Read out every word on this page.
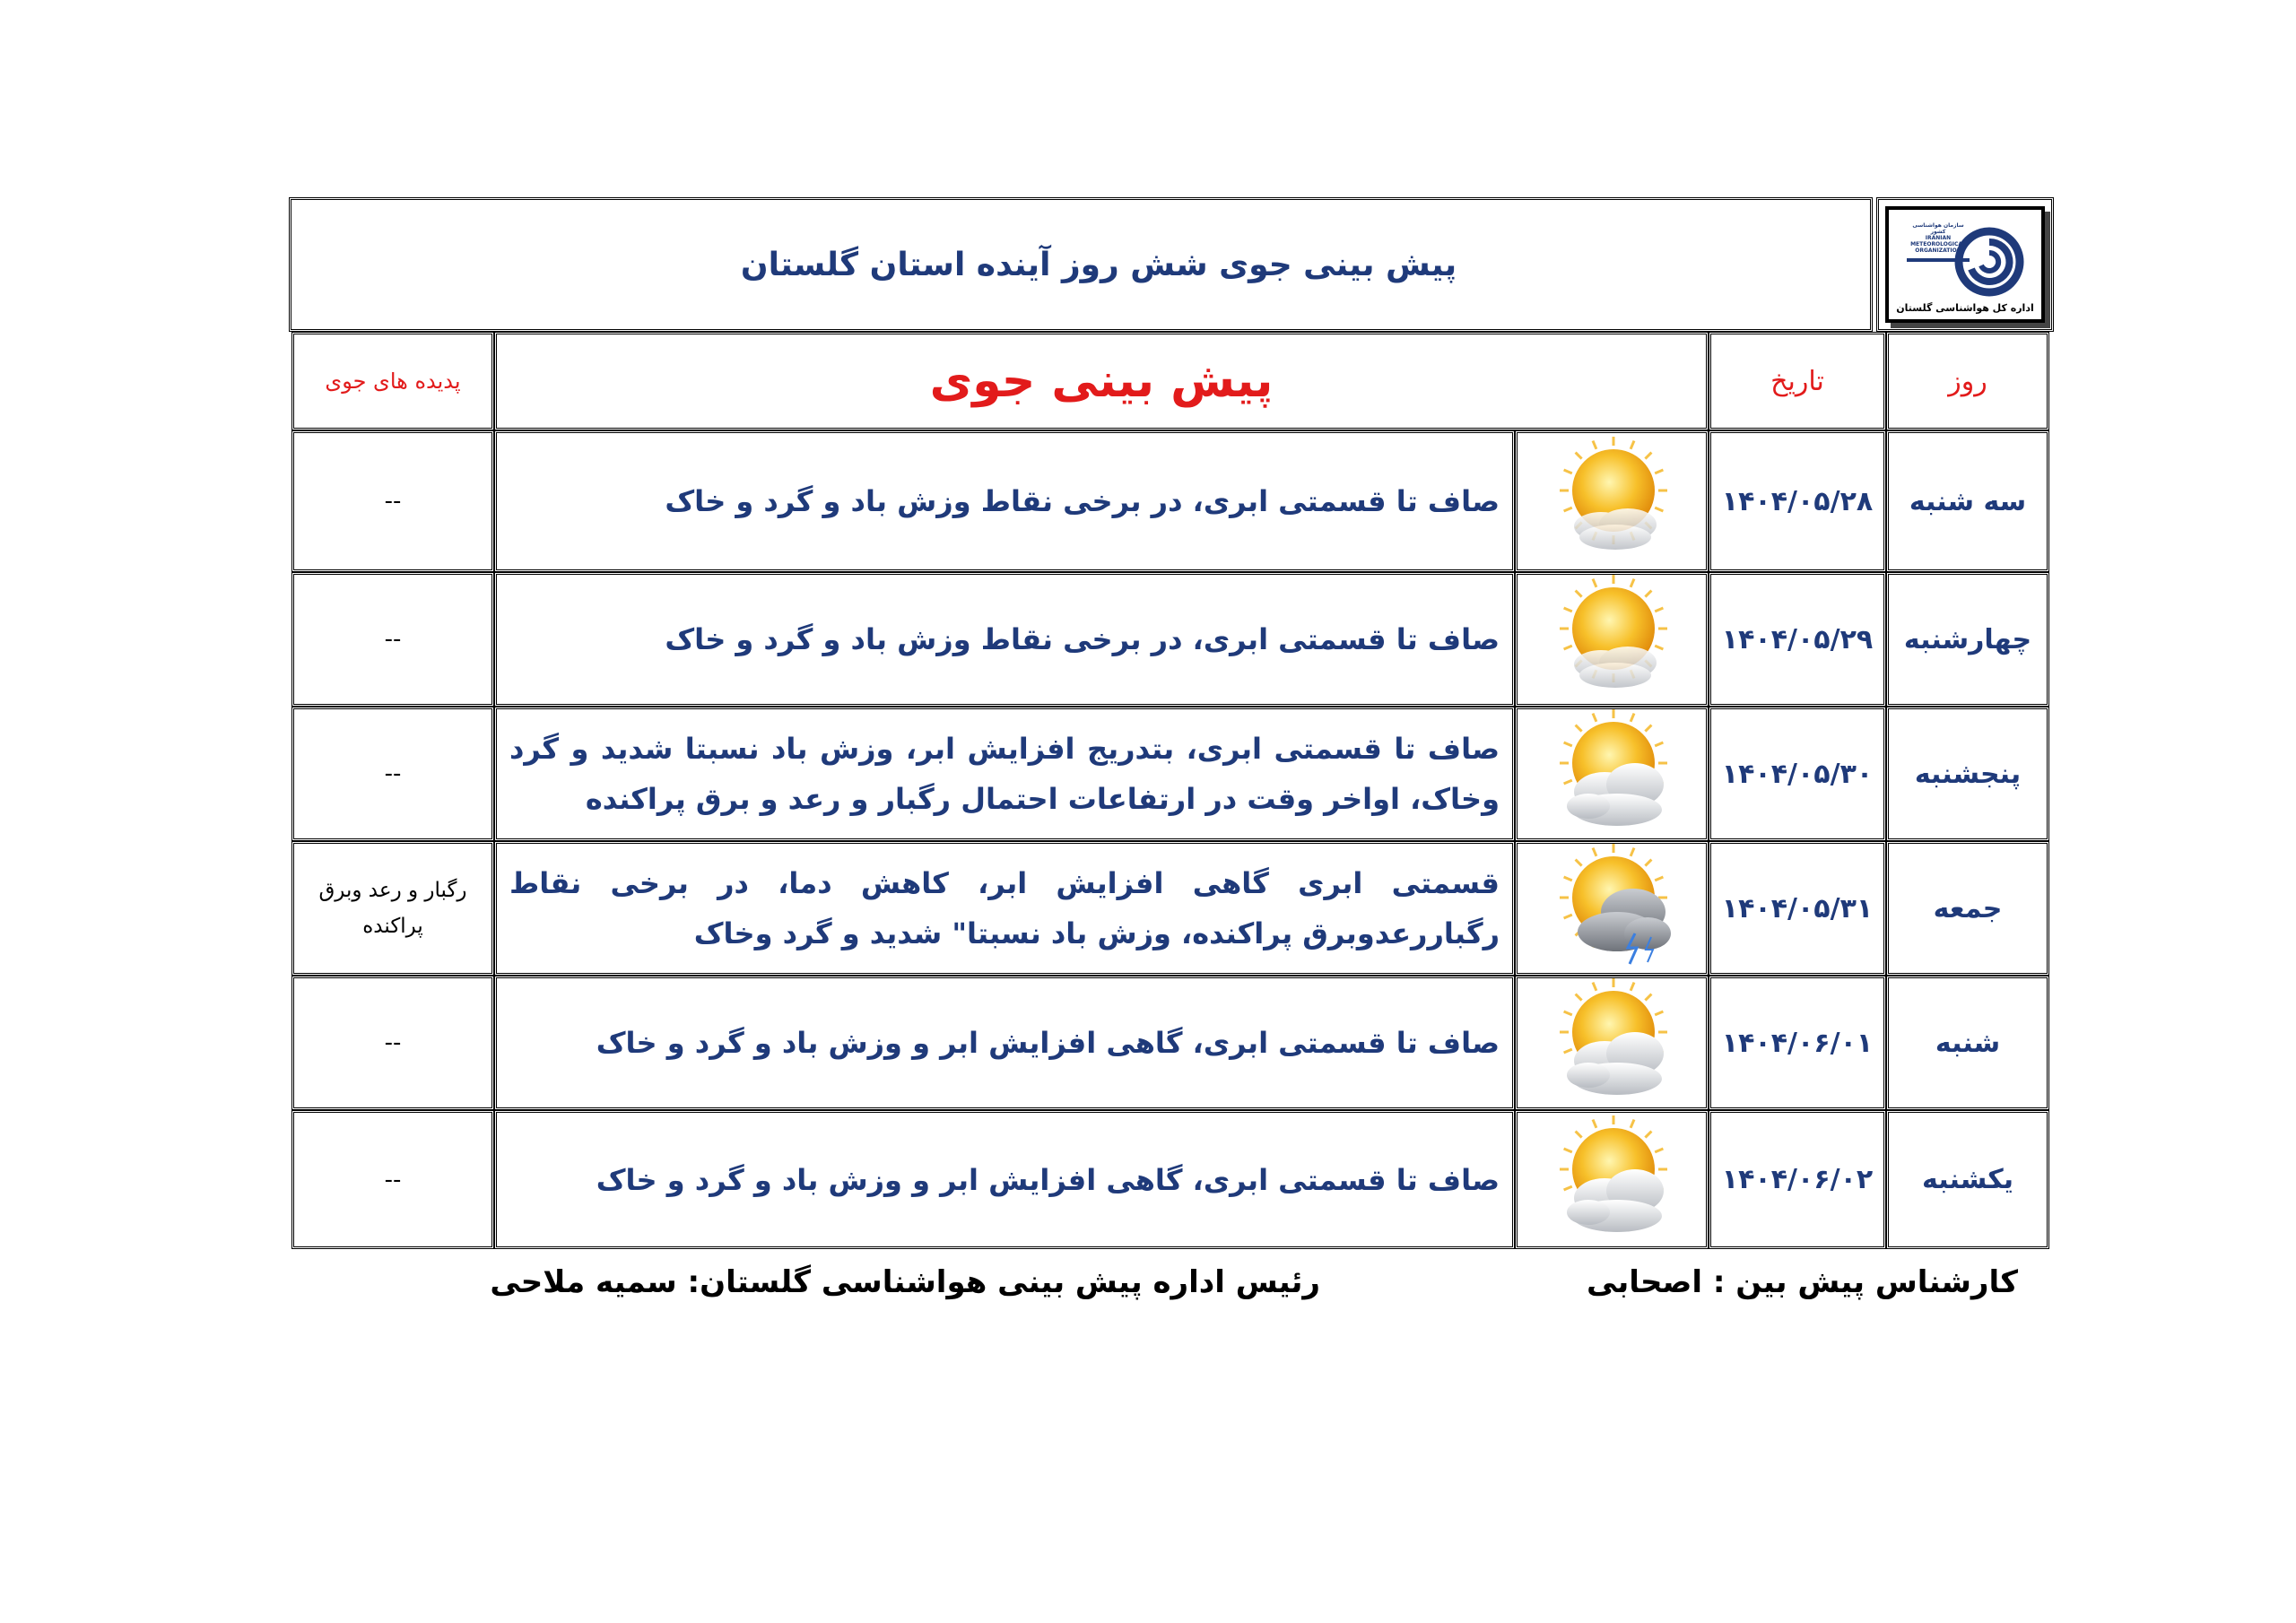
پیش بینی جوی شش روز آینده استان گلستان
سازمان هواشناسی کشور
IRANIAN
METEOROLOGICAL
ORGANIZATION
اداره کل هواشناسی گلستان
روز	تاریخ	پیش بینی جوی		پدیده های جوی
سه شنبه	۱۴۰۴/۰۵/۲۸		صاف تا قسمتی ابری، در برخی نقاط وزش باد و گرد و خاک	--

چهارشنبه	۱۴۰۴/۰۵/۲۹		صاف تا قسمتی ابری، در برخی نقاط وزش باد و گرد و خاک	--

پنجشنبه	۱۴۰۴/۰۵/۳۰		صاف تا قسمتی ابری، بتدریج افزایش ابر، وزش باد نسبتا شدید و گرد وخاک، اواخر وقت در ارتفاعات احتمال رگبار و رعد و برق پراکنده	--

جمعه	۱۴۰۴/۰۵/۳۱		قسمتی ابری گاهی افزایش ابر، کاهش دما، در برخی نقاط رگباررعدوبرق پراکنده، وزش باد نسبتا" شدید و گرد وخاک	رگبار و رعد وبرق پراکنده

شنبه	۱۴۰۴/۰۶/۰۱		صاف تا قسمتی ابری، گاهی افزایش ابر و وزش باد و گرد و خاک	--

یکشنبه	۱۴۰۴/۰۶/۰۲		صاف تا قسمتی ابری، گاهی افزایش ابر و وزش باد و گرد و خاک	--
کارشناس پیش بین : اصحابی
رئیس اداره پیش بینی هواشناسی گلستان: سمیه ملاحی
